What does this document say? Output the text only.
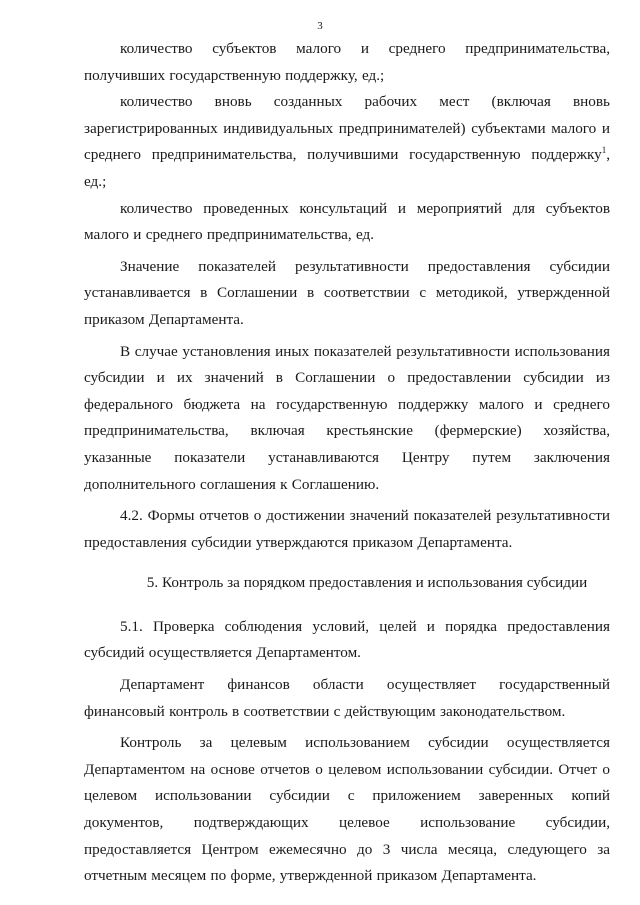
3

количество субъектов малого и среднего предпринимательства, получивших государственную поддержку, ед.;

количество вновь созданных рабочих мест (включая вновь зарегистрированных индивидуальных предпринимателей) субъектами малого и среднего предпринимательства, получившими государственную поддержку$^1$, ед.;

количество проведенных консультаций и мероприятий для субъектов малого и среднего предпринимательства, ед.

Значение показателей результативности предоставления субсидии устанавливается в Соглашении в соответствии с методикой, утвержденной приказом Департамента.

В случае установления иных показателей результативности использования субсидии и их значений в Соглашении о предоставлении субсидии из федерального бюджета на государственную поддержку малого и среднего предпринимательства, включая крестьянские (фермерские) хозяйства, указанные показатели устанавливаются Центру путем заключения дополнительного соглашения к Соглашению.

4.2. Формы отчетов о достижении значений показателей результативности предоставления субсидии утверждаются приказом Департамента.

5. Контроль за порядком предоставления и использования субсидии

5.1. Проверка соблюдения условий, целей и порядка предоставления субсидий осуществляется Департаментом.

Департамент финансов области осуществляет государственный финансовый контроль в соответствии с действующим законодательством.

Контроль за целевым использованием субсидии осуществляется Департаментом на основе отчетов о целевом использовании субсидии. Отчет о целевом использовании субсидии с приложением заверенных копий документов, подтверждающих целевое использование субсидии, предоставляется Центром ежемесячно до 3 числа месяца, следующего за отчетным месяцем по форме, утвержденной приказом Департамента.
